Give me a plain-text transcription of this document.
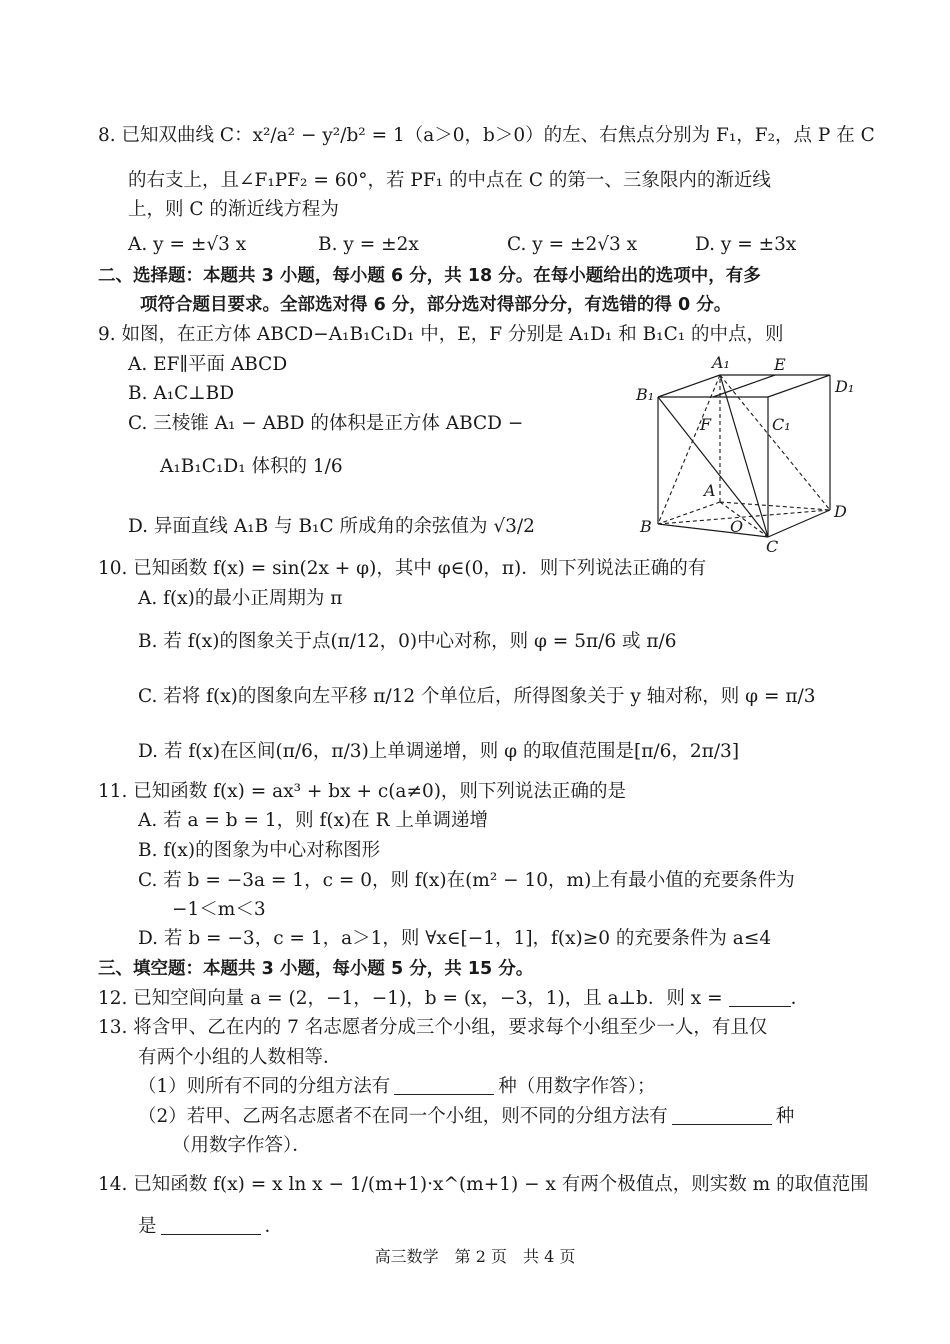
8. 已知双曲线 C：x²/a² − y²/b² = 1（a＞0，b＞0）的左、右焦点分别为 F₁，F₂，点 P 在 C
的右支上，且∠F₁PF₂ = 60°，若 PF₁ 的中点在 C 的第一、三象限内的渐近线
上，则 C 的渐近线方程为
A. y = ±√3 x	B. y = ±2x	C. y = ±2√3 x	D. y = ±3x
二、选择题：本题共 3 小题，每小题 6 分，共 18 分。在每小题给出的选项中，有多
项符合题目要求。全部选对得 6 分，部分选对得部分分，有选错的得 0 分。
9. 如图，在正方体 ABCD−A₁B₁C₁D₁ 中，E，F 分别是 A₁D₁ 和 B₁C₁ 的中点，则
A. EF∥平面 ABCD
B. A₁C⊥BD
C. 三棱锥 A₁ − ABD 的体积是正方体 ABCD −
A₁B₁C₁D₁ 体积的 1/6
D. 异面直线 A₁B 与 B₁C 所成角的余弦值为 √3/2
A₁	E
B₁	D₁
F	C₁
A
B	O
D
C
10. 已知函数 f(x) = sin(2x + φ)，其中 φ∈(0，π)．则下列说法正确的有
A. f(x)的最小正周期为 π
B. 若 f(x)的图象关于点(π/12，0)中心对称，则 φ = 5π/6 或 π/6
C. 若将 f(x)的图象向左平移 π/12 个单位后，所得图象关于 y 轴对称，则 φ = π/3
D. 若 f(x)在区间(π/6，π/3)上单调递增，则 φ 的取值范围是[π/6，2π/3]
11. 已知函数 f(x) = ax³ + bx + c(a≠0)，则下列说法正确的是
A. 若 a = b = 1，则 f(x)在 R 上单调递增
B. f(x)的图象为中心对称图形
C. 若 b = −3a = 1，c = 0，则 f(x)在(m² − 10，m)上有最小值的充要条件为
−1＜m＜3
D. 若 b = −3，c = 1，a＞1，则 ∀x∈[−1，1]，f(x)≥0 的充要条件为 a≤4
三、填空题：本题共 3 小题，每小题 5 分，共 15 分。
12. 已知空间向量 a = (2，−1，−1)，b = (x，−3，1)，且 a⊥b．则 x =	．
13. 将含甲、乙在内的 7 名志愿者分成三个小组，要求每个小组至少一人，有且仅
有两个小组的人数相等．
（1）则所有不同的分组方法有	种（用数字作答）；
（2）若甲、乙两名志愿者不在同一个小组，则不同的分组方法有	种
（用数字作答）．
14. 已知函数 f(x) = x ln x − 1/(m+1)·x^(m+1) − x 有两个极值点，则实数 m 的取值范围
是	．
高三数学　第 2 页　共 4 页
